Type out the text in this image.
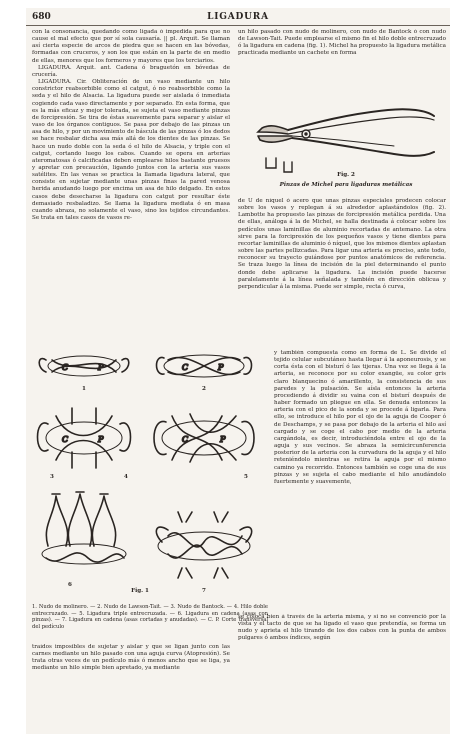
680	LIGADURA

con la consonancia, quedando como ligada ó impedida para que no cause el mal efecto que por sí sola causaría. || pl. Arquit. Se llaman así cierta especie de arcos de piedra que se hacen en las bóvedas, formadas con cruceros, y son los que están en la parte de en medio de ellas, menores que los formeros y mayores que los terciarios.

LIGADURA. Arquit. ant. Cadena ó braguetón en bóvedas de crucería.

LIGADURA. Cir. Obliteración de un vaso mediante un hilo constrictor reabsorbible como el catgut, ó no reabsorbible como la seda y el hilo de Alsacia. La ligadura puede ser aislada ó inmediata cogiendo cada vaso directamente y por separado. En esta forma, que es la más eficaz y mejor tolerada, se sujeta el vaso mediante pinzas de forcipresión. Se tira de éstas suavemente para separar y aislar el vaso de los órganos contiguos. Se pasa por debajo de las pinzas un asa de hilo, y por un movimiento de báscula de las pinzas ó los dedos se hace resbalar dicha asa más allá de los dientes de las pinzas. Se hace un nudo doble con la seda ó el hilo de Alsacia, y triple con el catgut, cortando luego los cabos. Cuando se opera en arterias ateromatosas ó calcificadas deben emplearse hilos bastante gruesos y apretar con precaución, ligando juntos con la arteria sus vasos satélites. En las venas se practica la llamada ligadura lateral, que consiste en sujetar mediante unas pinzas finas la pared venosa herida anudando luego por encima un asa de hilo delgado. En estos casos debe desecharse la ligadura con catgut por resultar éste demasiado resbaladizo. Se llama la ligadura mediata ó en masa cuando abraza, no solamente el vaso, sino los tejidos circundantes. Se trata en tales casos de vasos re-

un hilo pasado con nudo de molinero, con nudo de Bantock ó con nudo de Lawson-Tait. Puede emplearse el mismo fin el hilo doble entrecruzado ó la ligadura en cadena (fig. 1). Michel ha propuesto la ligadura metálica practicada mediante un cachete en forma

Fig. 2
Pinzas de Michel para ligaduras metálicas

de U de níquel ó acero que unas pinzas especiales prodecen colocar sobre los vasos y replegan á su alrededor aplastándolos (fig. 2). Lambotte ha propuesto las pinzas de forcipresión metálica perdida. Una de ellas, análoga á la de Michel, se halla destinada á colocar sobre los pedículos unas laminillas de aluminio recortadas de antemano. La otra sirve para la forcipresión de los pequeños vasos y tiene dientes para recortar laminillas de aluminio ó níquel, que los mismos dientes aplastan sobre las partes pellizcadas. Para ligar una arteria es preciso, ante todo, reconocer su trayecto guiándose por puntos anatómicos de referencia. Se traza luego la línea de incisión de la piel determinando el punto donde debe aplicarse la ligadura. La incisión puede hacerse paralelamente á la línea señalada y también en dirección oblicua y perpendicular á la misma. Puede ser simple, recta ó curva,

C	P	C	P
C	P	C	P
1	2
3	4	5
6
7
Fig. 1

y también compuesta como en forma de L. Se divide el tejido celular subcutáneo hasta llegar á la aponeurosis, y se corta ésta con el bisturí ó las tijeras. Una vez se llega á la arteria, se reconoce por su color exangüe, su color gris claro blanquecino ó amarillento, la consistencia de sus paredes y la pulsación. Se aísla entonces la arteria procediendo á dividir su vaina con el bisturí después de haber formado un pliegue en ella. Se denuda entonces la arteria con el pico de la sonda y se procede á ligarla. Para ello, se introduce el hilo por el ojo de la aguja de Cooper ó de Deschamps, y se pasa por debajo de la arteria el hilo así cargado y se coge el cabo por medio de la arteria cargándola, es decir, introduciéndola entre el ojo de la aguja y sus vecinos. Se abraza la semicircunferencia posterior de la arteria con la curvadura de la aguja y el hilo reteniéndolo mientras se retira la aguja por el mismo camino ya recorrido. Entonces también se coge una de sus pinzas y se sujeta el cabo mediante el hilo anudándolo fuertemente y suavemente,

1. Nudo de molinero. — 2. Nudo de Lawson-Tait. — 3. Nudo de Bantock. — 4. Hilo doble entrecruzado. — 5. Ligadura triple entrecruzada. — 6. Ligadura en cadena (asas con pinzas). — 7. Ligadura en cadena (asas cortadas y anudadas). — C. P. Corte transversal del pedículo

traídos imposibles de sujetar y aislar y que se ligan junto con las carnes mediante un hilo pasado con una aguja curva (Atopresión). Se trata otras veces de un pedículo más ó menos ancho que se liga, ya mediante un hilo simple bien apretado, ya mediante

se coloca bien á través de la arteria misma, y si no se convenció por la vista y el tacto de que se ha ligado el vaso que pretendía, se forma un nudo y aprieta el hilo tirando de los dos cabos con la punta de ambos pulgares ó ambos índices, según
